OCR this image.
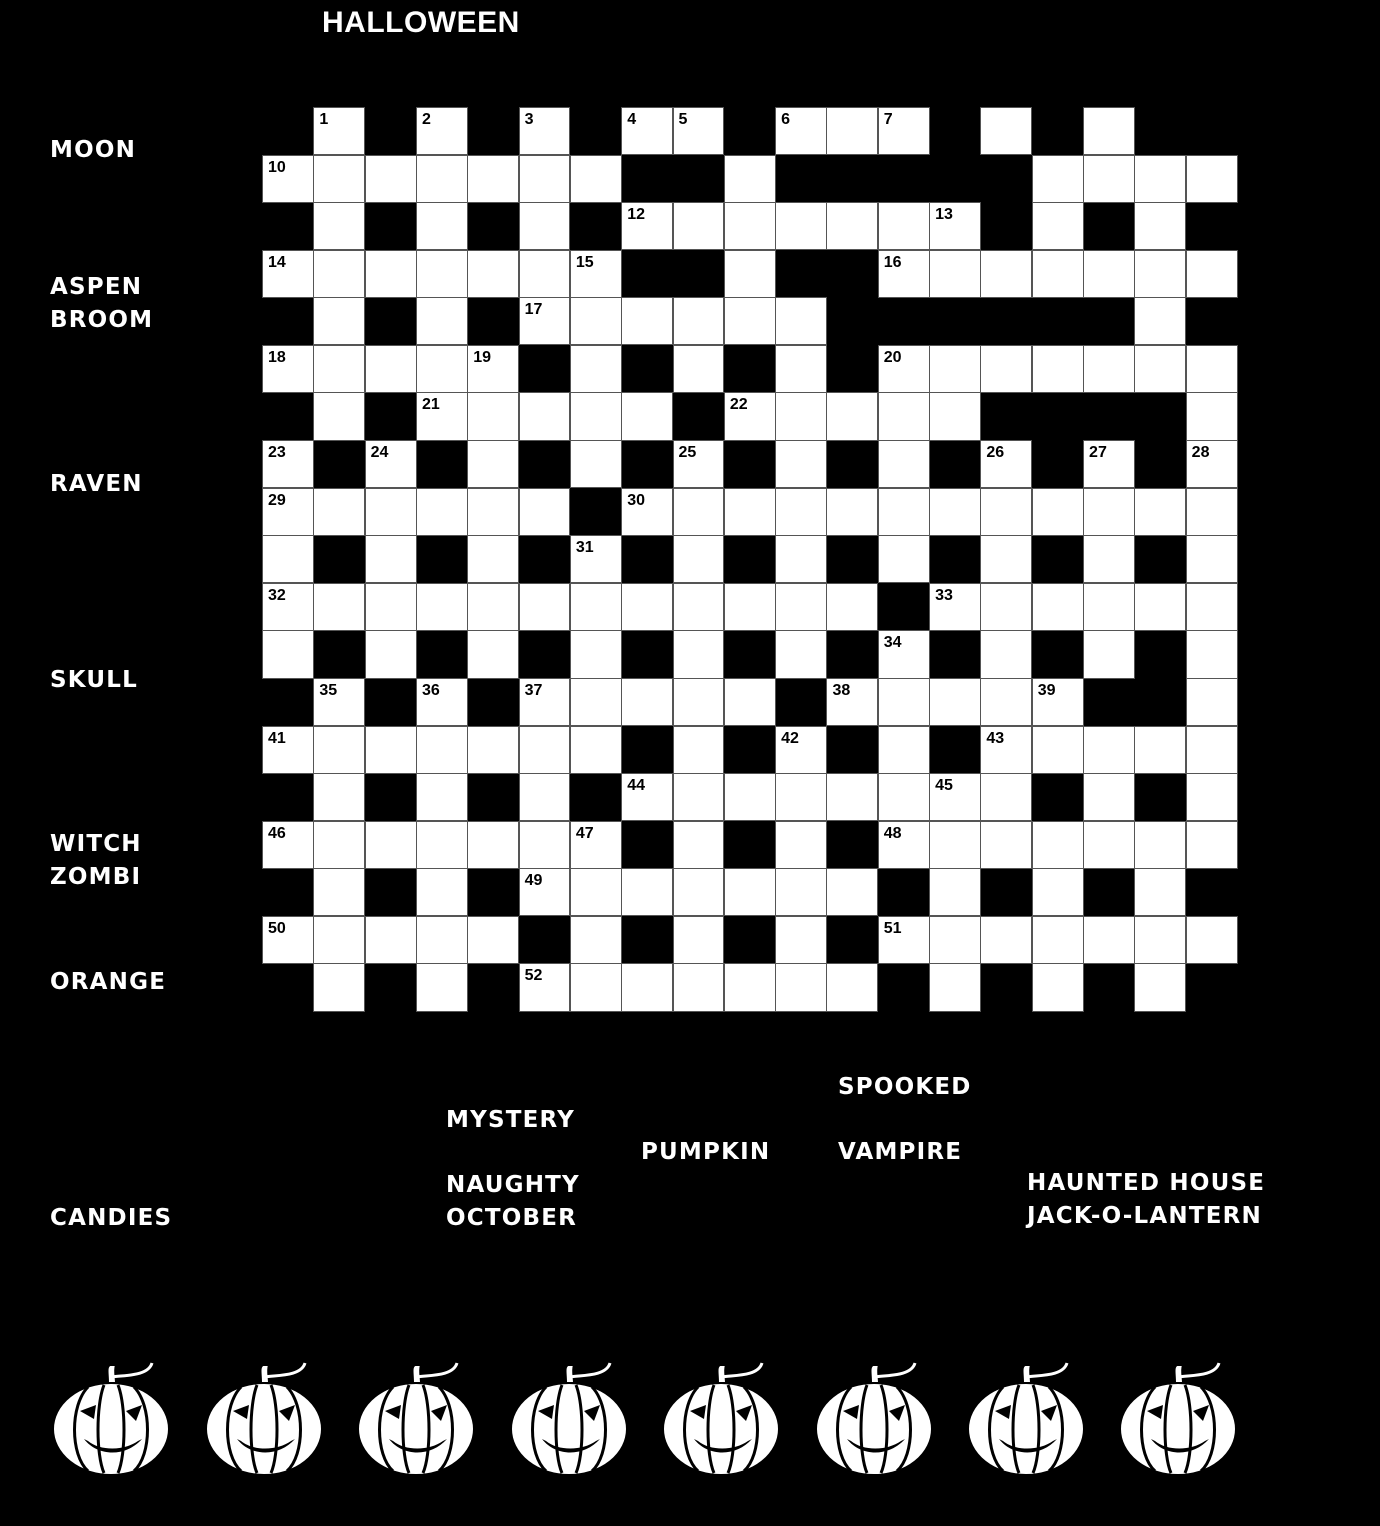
HALLOWEEN
MOON
ASPEN
BROOM
RAVEN
SKULL
WITCH
ZOMBI
ORANGE
CANDIES
MYSTERY
NAUGHTY
OCTOBER
PUMPKIN
SPOOKED
VAMPIRE
HAUNTED HOUSE
JACK-O-LANTERN
1	2	3	4	5	6	7
10
12	13
14	15	16
17
18	19	20
21	22
23	24	25	26	27	28
29	30
31
32	33
34
35	36	37	38	39
41	42	43
44	45
46	47	48
49
50	51
52
